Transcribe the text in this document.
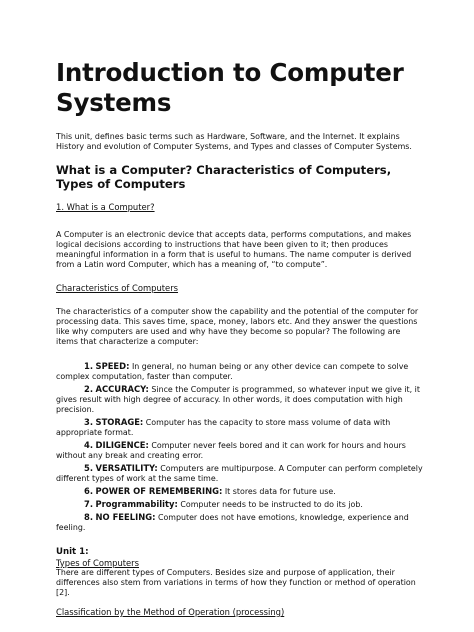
Introduction to Computer Systems

This unit, defines basic terms such as Hardware, Software, and the Internet. It explains History and evolution of Computer Systems, and Types and classes of Computer Systems.

What is a Computer? Characteristics of Computers, Types of Computers
1. What is a Computer?

A Computer is an electronic device that accepts data, performs computations, and makes logical decisions according to instructions that have been given to it; then produces meaningful information in a form that is useful to humans. The name computer is derived from a Latin word Computer, which has a meaning of, “to compute”.

Characteristics of Computers

The characteristics of a computer show the capability and the potential of the computer for processing data. This saves time, space, money, labors etc. And they answer the questions like why computers are used and why have they become so popular? The following are items that characterize a computer:

1. SPEED: In general, no human being or any other device can compete to solve complex computation, faster than computer.

2. ACCURACY: Since the Computer is programmed, so whatever input we give it, it gives result with high degree of accuracy. In other words, it does computation with high precision.

3. STORAGE: Computer has the capacity to store mass volume of data with appropriate format.

4. DILIGENCE: Computer never feels bored and it can work for hours and hours without any break and creating error.

5. VERSATILITY: Computers are multipurpose. A Computer can perform completely different types of work at the same time.

6. POWER OF REMEMBERING: It stores data for future use.

7. Programmability: Computer needs to be instructed to do its job.

8. NO FEELING: Computer does not have emotions, knowledge, experience and feeling.

Unit 1:

Types of Computers

There are different types of Computers. Besides size and purpose of application, their differences also stem from variations in terms of how they function or method of operation [2].

Classification by the Method of Operation (processing)
